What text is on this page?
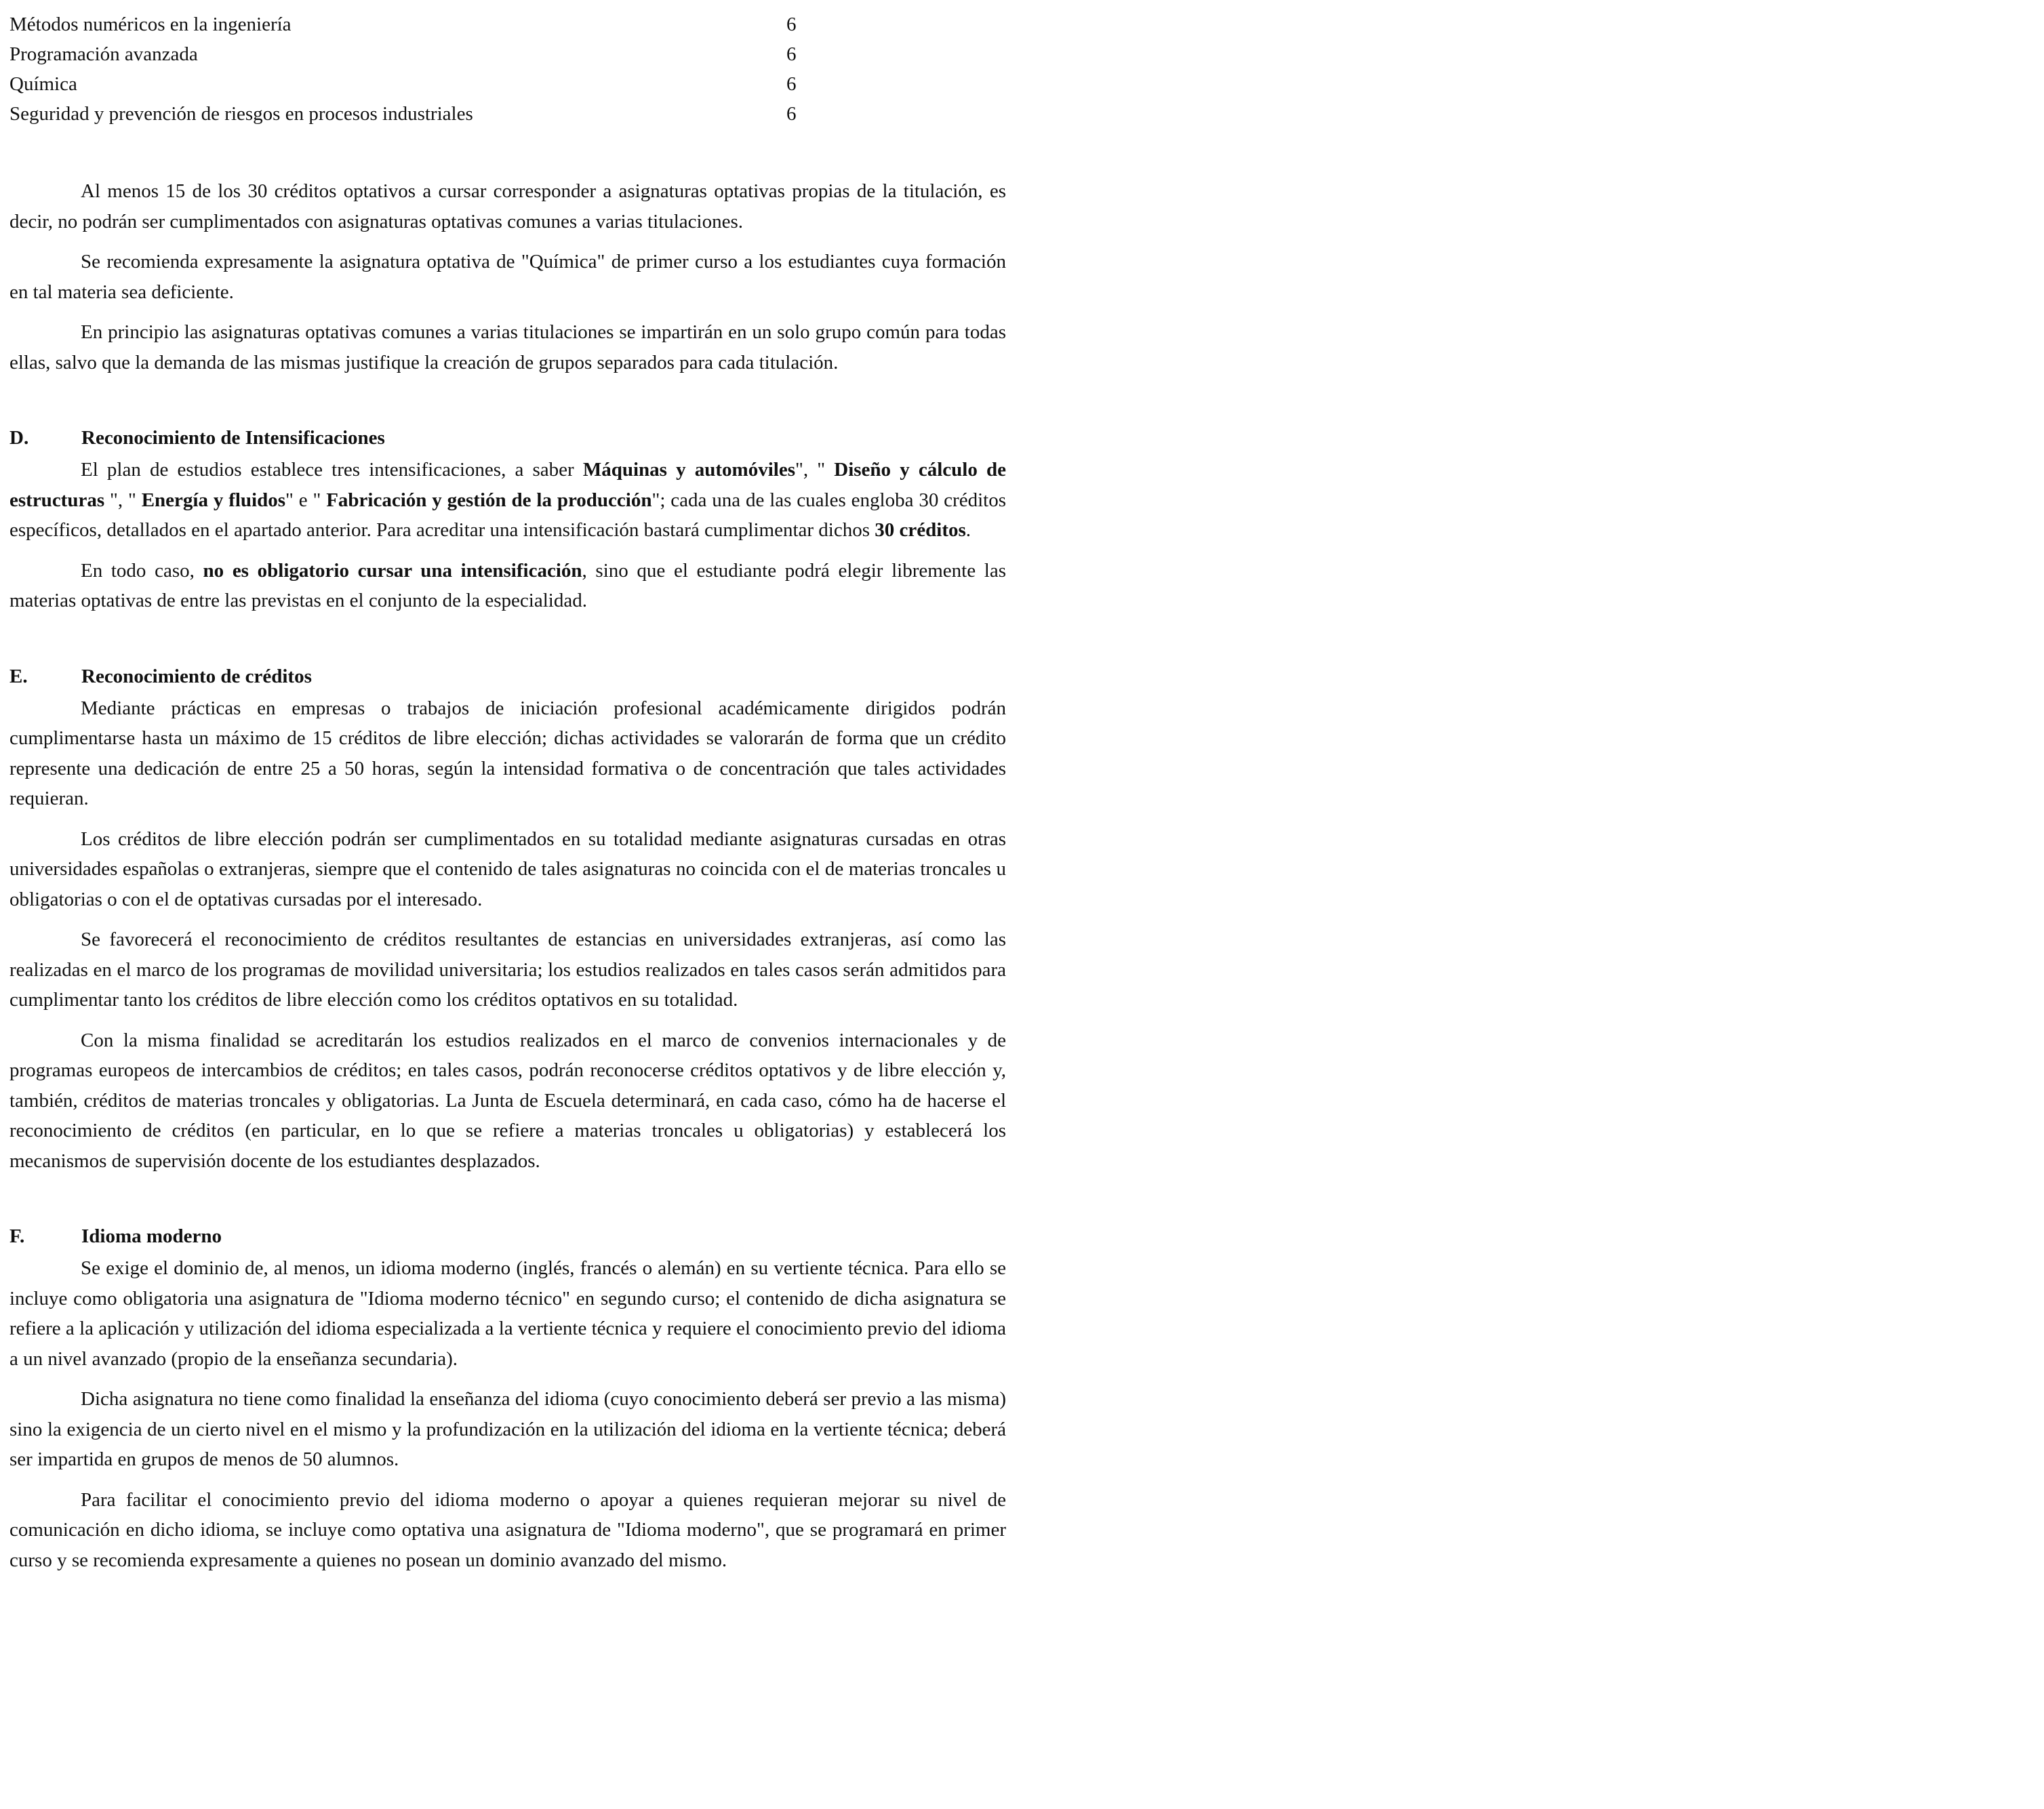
Métodos numéricos en la ingeniería	6
Programación avanzada	6
Química	6
Seguridad y prevención de riesgos en procesos industriales	6

Al menos 15 de los 30 créditos optativos a cursar corresponder a asignaturas optativas propias de la titulación, es decir, no podrán ser cumplimentados con asignaturas optativas comunes a varias titulaciones.

Se recomienda expresamente la asignatura optativa de "Química" de primer curso a los estudiantes cuya formación en tal materia sea deficiente.

En principio las asignaturas optativas comunes a varias titulaciones se impartirán en un solo grupo común para todas ellas, salvo que la demanda de las mismas justifique la creación de grupos separados para cada titulación.

D.	Reconocimiento de Intensificaciones

El plan de estudios establece tres intensificaciones, a saber Máquinas y automóviles", " Diseño y cálculo de estructuras ", " Energía y fluidos" e " Fabricación y gestión de la producción"; cada una de las cuales engloba 30 créditos específicos, detallados en el apartado anterior. Para acreditar una intensificación bastará cumplimentar dichos 30 créditos.

En todo caso, no es obligatorio cursar una intensificación, sino que el estudiante podrá elegir libremente las materias optativas de entre las previstas en el conjunto de la especialidad.

E.	Reconocimiento de créditos

Mediante prácticas en empresas o trabajos de iniciación profesional académicamente dirigidos podrán cumplimentarse hasta un máximo de 15 créditos de libre elección; dichas actividades se valorarán de forma que un crédito represente una dedicación de entre 25 a 50 horas, según la intensidad formativa o de concentración que tales actividades requieran.

Los créditos de libre elección podrán ser cumplimentados en su totalidad mediante asignaturas cursadas en otras universidades españolas o extranjeras, siempre que el contenido de tales asignaturas no coincida con el de materias troncales u obligatorias o con el de optativas cursadas por el interesado.

Se favorecerá el reconocimiento de créditos resultantes de estancias en universidades extranjeras, así como las realizadas en el marco de los programas de movilidad universitaria; los estudios realizados en tales casos serán admitidos para cumplimentar tanto los créditos de libre elección como los créditos optativos en su totalidad.

Con la misma finalidad se acreditarán los estudios realizados en el marco de convenios internacionales y de programas europeos de intercambios de créditos; en tales casos, podrán reconocerse créditos optativos y de libre elección y, también, créditos de materias troncales y obligatorias. La Junta de Escuela determinará, en cada caso, cómo ha de hacerse el reconocimiento de créditos (en particular, en lo que se refiere a materias troncales u obligatorias) y establecerá los mecanismos de supervisión docente de los estudiantes desplazados.

F.	Idioma moderno

Se exige el dominio de, al menos, un idioma moderno (inglés, francés o alemán) en su vertiente técnica. Para ello se incluye como obligatoria una asignatura de "Idioma moderno técnico" en segundo curso; el contenido de dicha asignatura se refiere a la aplicación y utilización del idioma especializada a la vertiente técnica y requiere el conocimiento previo del idioma a un nivel avanzado (propio de la enseñanza secundaria).

Dicha asignatura no tiene como finalidad la enseñanza del idioma (cuyo conocimiento deberá ser previo a las misma) sino la exigencia de un cierto nivel en el mismo y la profundización en la utilización del idioma en la vertiente técnica; deberá ser impartida en grupos de menos de 50 alumnos.

Para facilitar el conocimiento previo del idioma moderno o apoyar a quienes requieran mejorar su nivel de comunicación en dicho idioma, se incluye como optativa una asignatura de "Idioma moderno", que se programará en primer curso y se recomienda expresamente a quienes no posean un dominio avanzado del mismo.
